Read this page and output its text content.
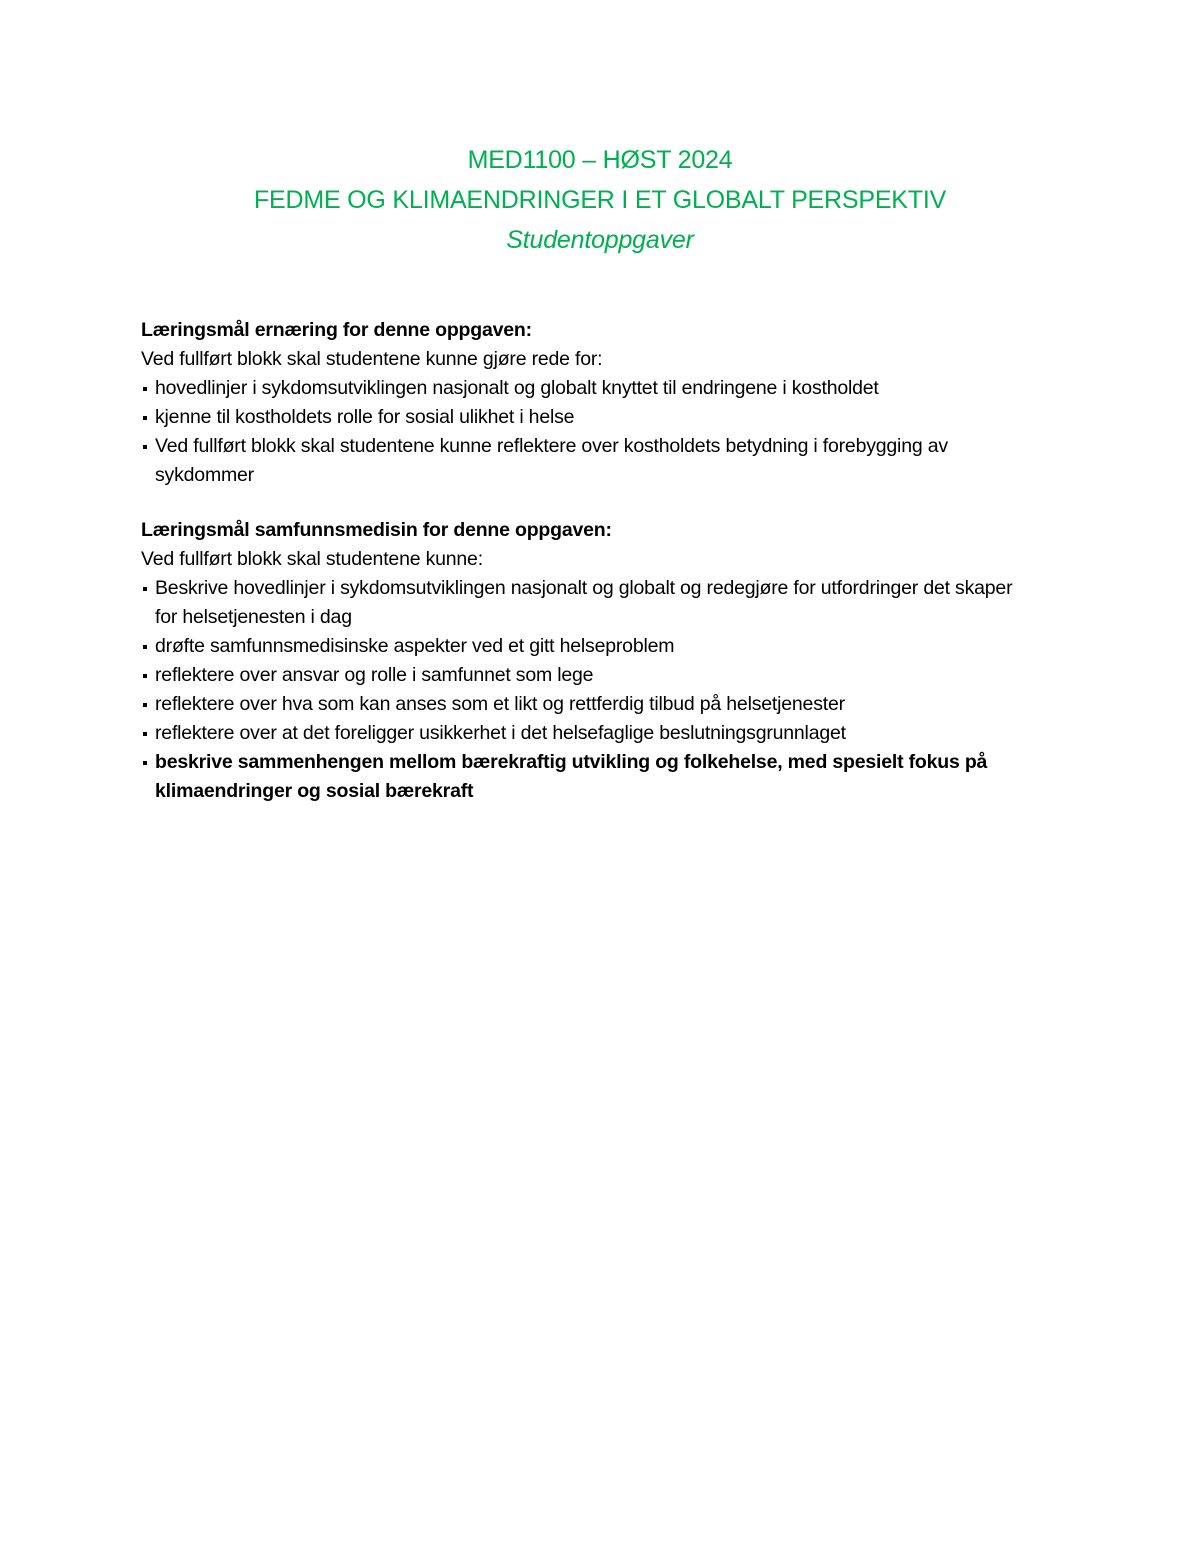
MED1100 – HØST 2024
FEDME OG KLIMAENDRINGER I ET GLOBALT PERSPEKTIV
Studentoppgaver
Læringsmål ernæring for denne oppgaven:
Ved fullført blokk skal studentene kunne gjøre rede for:
hovedlinjer i sykdomsutviklingen nasjonalt og globalt knyttet til endringene i kostholdet
kjenne til kostholdets rolle for sosial ulikhet i helse
Ved fullført blokk skal studentene kunne reflektere over kostholdets betydning i forebygging av sykdommer
Læringsmål samfunnsmedisin for denne oppgaven:
Ved fullført blokk skal studentene kunne:
Beskrive hovedlinjer i sykdomsutviklingen nasjonalt og globalt og redegjøre for utfordringer det skaper for helsetjenesten i dag
drøfte samfunnsmedisinske aspekter ved et gitt helseproblem
reflektere over ansvar og rolle i samfunnet som lege
reflektere over hva som kan anses som et likt og rettferdig tilbud på helsetjenester
reflektere over at det foreligger usikkerhet i det helsefaglige beslutningsgrunnlaget
beskrive sammenhengen mellom bærekraftig utvikling og folkehelse, med spesielt fokus på klimaendringer og sosial bærekraft
